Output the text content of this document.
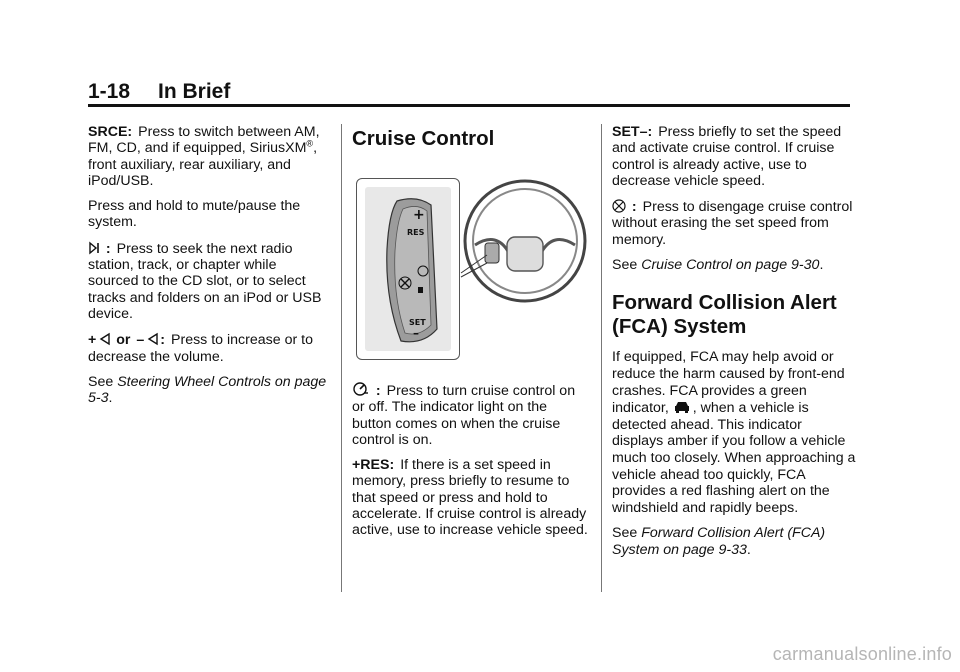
1-18 In Brief

SRCE: Press to switch between AM, FM, CD, and if equipped, SiriusXM®, front auxiliary, rear auxiliary, and iPod/USB.

Press and hold to mute/pause the system.

: Press to seek the next radio station, track, or chapter while sourced to the CD slot, or to select tracks and folders on an iPod or USB device.

+ or – : Press to increase or to decrease the volume.

See Steering Wheel Controls on page 5-3.

Cruise Control
+
RES
SET
–

: Press to turn cruise control on or off. The indicator light on the button comes on when the cruise control is on.

+RES: If there is a set speed in memory, press briefly to resume to that speed or press and hold to accelerate. If cruise control is already active, use to increase vehicle speed.

SET–: Press briefly to set the speed and activate cruise control. If cruise control is already active, use to decrease vehicle speed.

: Press to disengage cruise control without erasing the set speed from memory.

See Cruise Control on page 9-30.

Forward Collision Alert (FCA) System

If equipped, FCA may help avoid or reduce the harm caused by front-end crashes. FCA provides a green indicator, , when a vehicle is detected ahead. This indicator displays amber if you follow a vehicle much too closely. When approaching a vehicle ahead too quickly, FCA provides a red flashing alert on the windshield and rapidly beeps.

See Forward Collision Alert (FCA) System on page 9-33.

carmanualsonline.info
